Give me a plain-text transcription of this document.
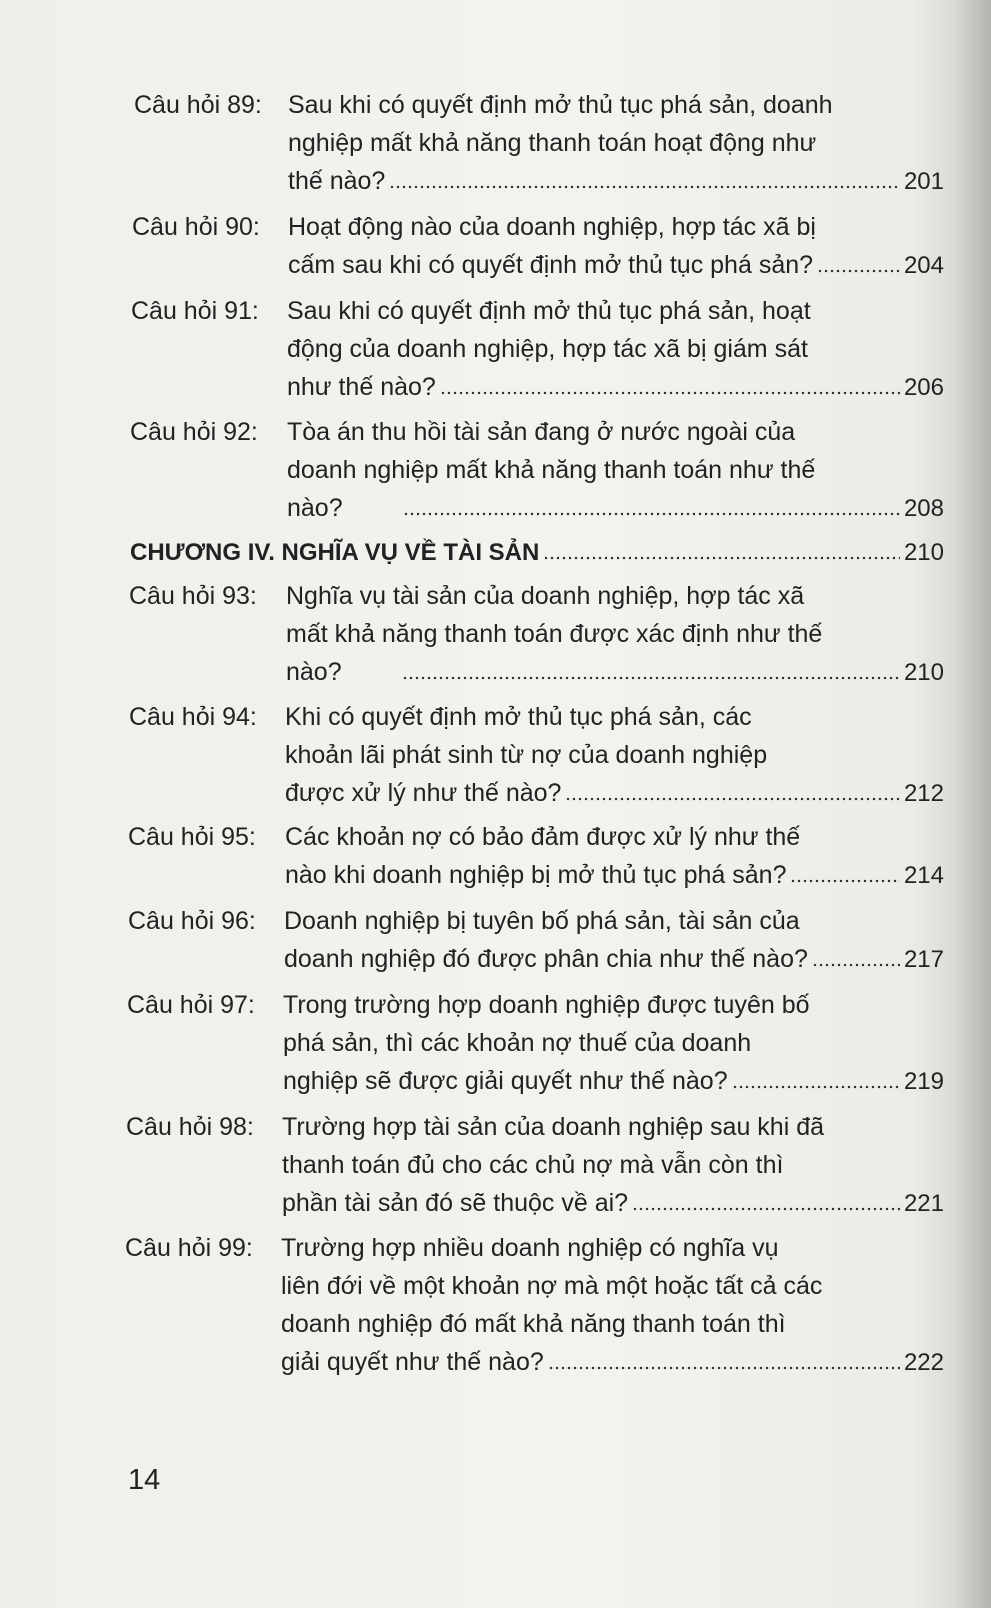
Câu hỏi 89: Sau khi có quyết định mở thủ tục phá sản, doanh
nghiệp mất khả năng thanh toán hoạt động như
thế nào?	201
Câu hỏi 90: Hoạt động nào của doanh nghiệp, hợp tác xã bị
cấm sau khi có quyết định mở thủ tục phá sản?	204
Câu hỏi 91: Sau khi có quyết định mở thủ tục phá sản, hoạt
động của doanh nghiệp, hợp tác xã bị giám sát
như thế nào?	206
Câu hỏi 92: Tòa án thu hồi tài sản đang ở nước ngoài của
doanh nghiệp mất khả năng thanh toán như thế
nào?	208
CHƯƠNG IV. NGHĨA VỤ VỀ TÀI SẢN	210
Câu hỏi 93: Nghĩa vụ tài sản của doanh nghiệp, hợp tác xã
mất khả năng thanh toán được xác định như thế
nào?	210
Câu hỏi 94: Khi có quyết định mở thủ tục phá sản, các
khoản lãi phát sinh từ nợ của doanh nghiệp
được xử lý như thế nào?	212
Câu hỏi 95: Các khoản nợ có bảo đảm được xử lý như thế
nào khi doanh nghiệp bị mở thủ tục phá sản?	214
Câu hỏi 96: Doanh nghiệp bị tuyên bố phá sản, tài sản của
doanh nghiệp đó được phân chia như thế nào?	217
Câu hỏi 97: Trong trường hợp doanh nghiệp được tuyên bố
phá sản, thì các khoản nợ thuế của doanh
nghiệp sẽ được giải quyết như thế nào?	219
Câu hỏi 98: Trường hợp tài sản của doanh nghiệp sau khi đã
thanh toán đủ cho các chủ nợ mà vẫn còn thì
phần tài sản đó sẽ thuộc về ai?	221
Câu hỏi 99: Trường hợp nhiều doanh nghiệp có nghĩa vụ
liên đới về một khoản nợ mà một hoặc tất cả các
doanh nghiệp đó mất khả năng thanh toán thì
giải quyết như thế nào?	222
14
